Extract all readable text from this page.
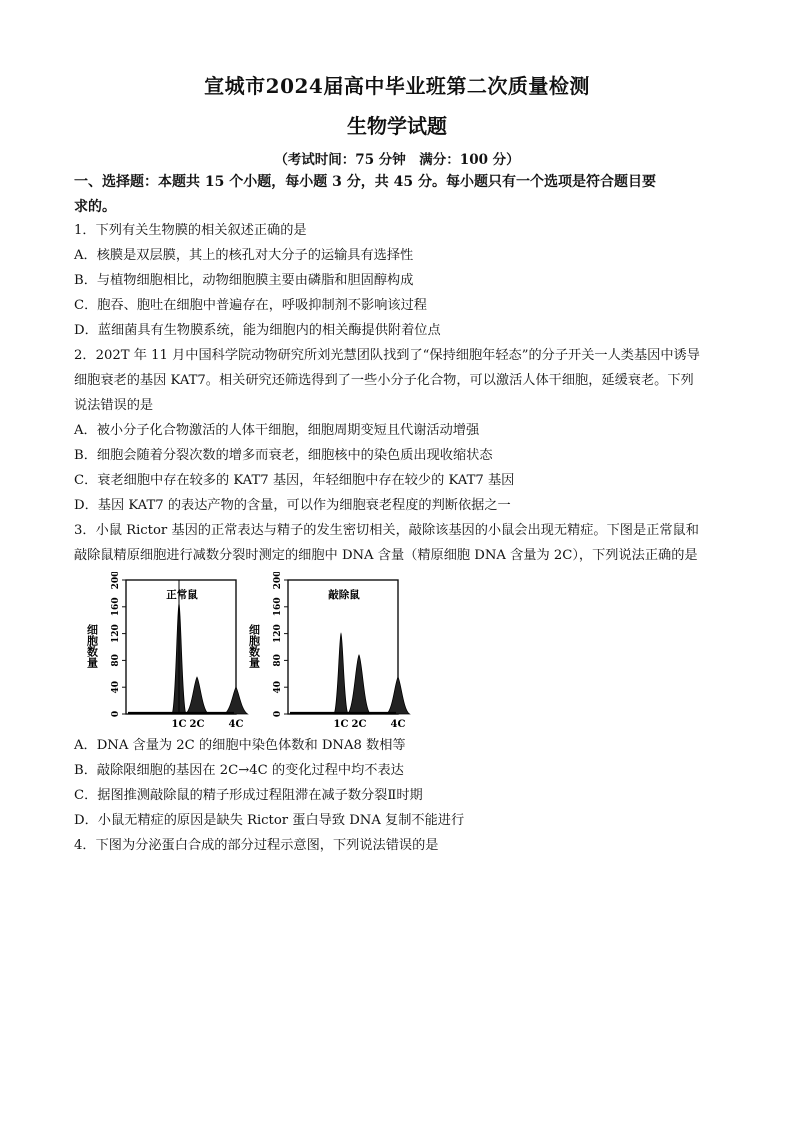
宣城市2024届高中毕业班第二次质量检测
生物学试题
（考试时间：75 分钟　满分：100 分）
一、选择题：本题共 15 个小题，每小题 3 分，共 45 分。每小题只有一个选项是符合题目要
求的。
1．下列有关生物膜的相关叙述正确的是
A．核膜是双层膜，其上的核孔对大分子的运输具有选择性
B．与植物细胞相比，动物细胞膜主要由磷脂和胆固醇构成
C．胞吞、胞吐在细胞中普遍存在，呼吸抑制剂不影响该过程
D．蓝细菌具有生物膜系统，能为细胞内的相关酶提供附着位点
2．202T 年 11 月中国科学院动物研究所刘光慧团队找到了“保持细胞年轻态”的分子开关一人类基因中诱导
细胞衰老的基因 KAT7。相关研究还筛选得到了一些小分子化合物，可以激活人体干细胞，延缓衰老。下列
说法错误的是
A．被小分子化合物激活的人体干细胞，细胞周期变短且代谢活动增强
B．细胞会随着分裂次数的增多而衰老，细胞核中的染色质出现收缩状态
C．衰老细胞中存在较多的 KAT7 基因，年轻细胞中存在较少的 KAT7 基因
D．基因 KAT7 的表达产物的含量，可以作为细胞衰老程度的判断依据之一
3．小鼠 Rictor 基因的正常表达与精子的发生密切相关，敲除该基因的小鼠会出现无精症。下图是正常鼠和
敲除鼠精原细胞进行减数分裂时测定的细胞中 DNA 含量（精原细胞 DNA 含量为 2C），下列说法正确的是
细胞数量
0
40
80
120
160
200
1C 2C 4C
正常鼠
细胞数量
0
40
80
120
160
200
1C 2C 4C
敲除鼠
A．DNA 含量为 2C 的细胞中染色体数和 DNA8 数相等
B．敲除限细胞的基因在 2C→4C 的变化过程中均不表达
C．据图推测敲除鼠的精子形成过程阻滞在减子数分裂Ⅱ时期
D．小鼠无精症的原因是缺失 Rictor 蛋白导致 DNA 复制不能进行
4．下图为分泌蛋白合成的部分过程示意图，下列说法错误的是
